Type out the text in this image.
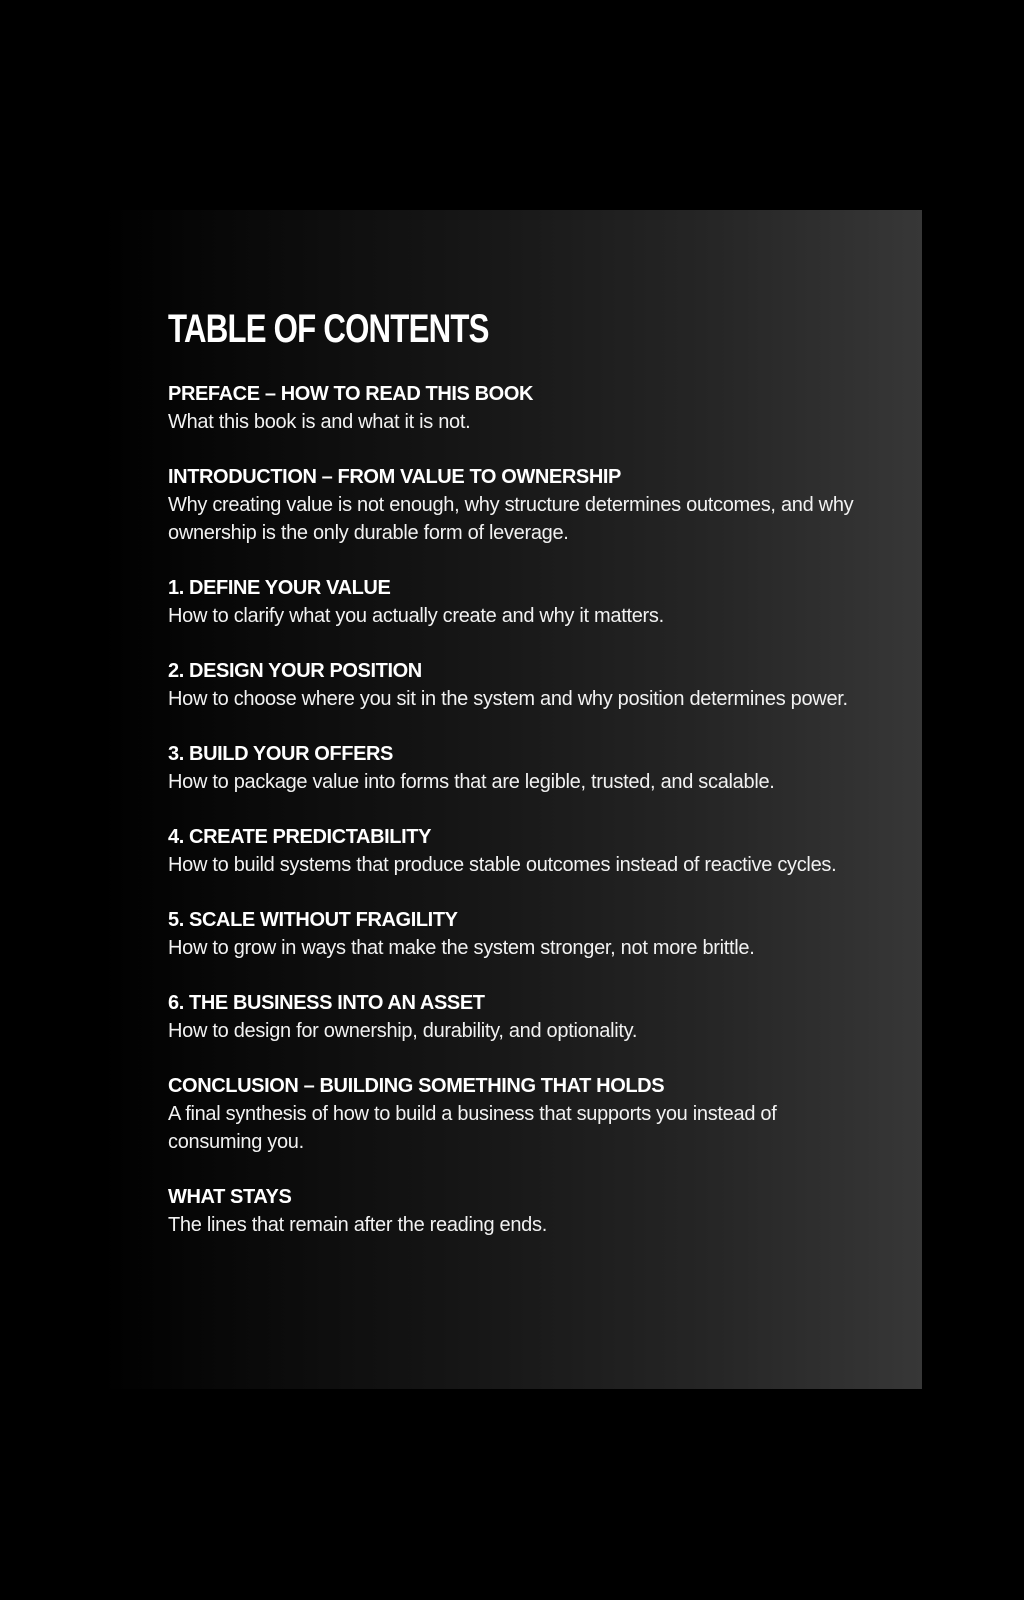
TABLE OF CONTENTS
PREFACE – HOW TO READ THIS BOOK
What this book is and what it is not.
INTRODUCTION – FROM VALUE TO OWNERSHIP
Why creating value is not enough, why structure determines outcomes, and why ownership is the only durable form of leverage.
1. DEFINE YOUR VALUE
How to clarify what you actually create and why it matters.
2. DESIGN YOUR POSITION
How to choose where you sit in the system and why position determines power.
3. BUILD YOUR OFFERS
How to package value into forms that are legible, trusted, and scalable.
4. CREATE PREDICTABILITY
How to build systems that produce stable outcomes instead of reactive cycles.
5. SCALE WITHOUT FRAGILITY
How to grow in ways that make the system stronger, not more brittle.
6. THE BUSINESS INTO AN ASSET
How to design for ownership, durability, and optionality.
CONCLUSION – BUILDING SOMETHING THAT HOLDS
A final synthesis of how to build a business that supports you instead of consuming you.
WHAT STAYS
The lines that remain after the reading ends.
